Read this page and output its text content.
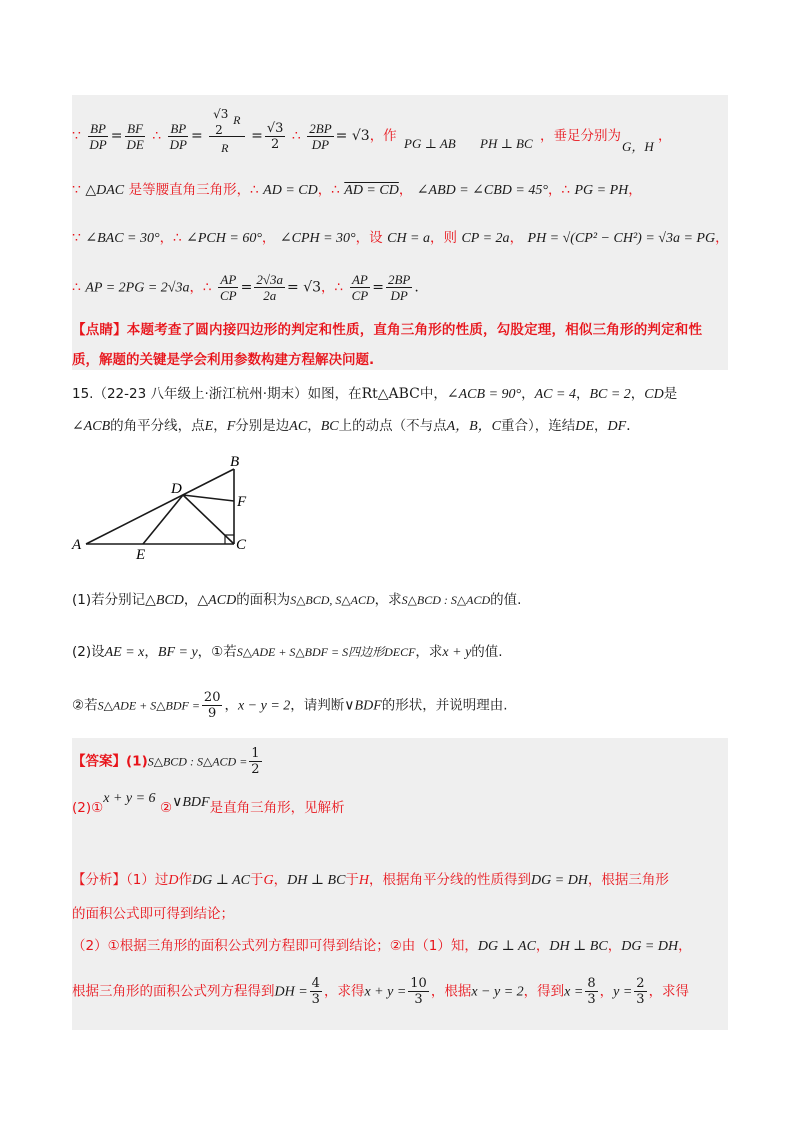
∵ $\frac{BP}{DP} = \frac{BF}{DE}$ ∴ $\frac{BP}{DP}$ =
√3 R
2
R
= $\frac{√3}{2}$ ∴ $\frac{2BP}{DP} = √3$，作 PG ⊥ AB PH ⊥ BC ，垂足分别为
G，H
，
∵ △DAC 是等腰直角三角形，∴ AD = CD，∴ AD = CD， ∠ABD = ∠CBD = 45°，∴ PG = PH，
∵ ∠BAC = 30°，∴ ∠PCH = 60°， ∠CPH = 30°，设 CH = a，则 CP = 2a， PH = √(CP² − CH²) = √3a = PG，
∴ AP = 2PG = 2√3a，∴ $\frac{AP}{CP} = \frac{2√3a}{2a} = √3$，∴ $\frac{AP}{CP} = \frac{2BP}{DP}$ .
【点睛】本题考查了圆内接四边形的判定和性质，直角三角形的性质，勾股定理，相似三角形的判定和性
质，解题的关键是学会利用参数构建方程解决问题.
15.（22-23 八年级上·浙江杭州·期末）如图，在Rt△ABC中，∠ACB = 90°，AC = 4，BC = 2，CD是
∠ACB的角平分线，点E，F分别是边AC，BC上的动点（不与点A，B，C重合），连结DE，DF.
B
D
F
A
E
C
(1)若分别记△BCD，△ACD的面积为S△BCD, S△ACD，求S△BCD : S△ACD的值.
(2)设AE = x，BF = y，①若S△ADE + S△BDF = S四边形DECF，求x + y的值.
②若S△ADE + S△BDF = $\frac{20}{9}$ ，x − y = 2，请判断∨BDF的形状，并说明理由.
【答案】(1)S△BCD : S△ACD = $\frac{1}{2}$
(2)①x + y = 6 ②∨BDF是直角三角形，见解析
【分析】（1）过D作DG ⊥ AC于G，DH ⊥ BC于H，根据角平分线的性质得到DG = DH，根据三角形
的面积公式即可得到结论；
（2）①根据三角形的面积公式列方程即可得到结论；②由（1）知，DG ⊥ AC，DH ⊥ BC，DG = DH，
根据三角形的面积公式列方程得到DH = $\frac{4}{3}$ ，求得$x + y = \frac{10}{3}$ ，根据x − y = 2，得到$x = \frac{8}{3}$ ，$y = \frac{2}{3}$ ，求得
